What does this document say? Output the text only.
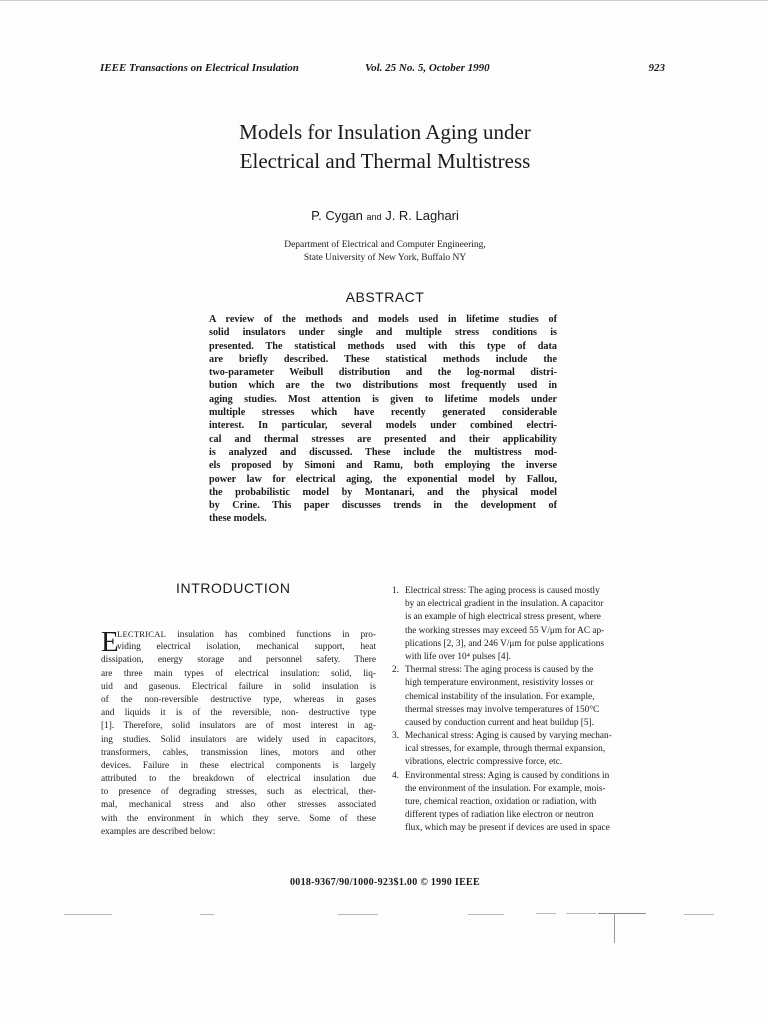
IEEE Transactions on Electrical Insulation	Vol. 25 No. 5, October 1990	923
Models for Insulation Aging under
Electrical and Thermal Multistress
P. Cygan and J. R. Laghari
Department of Electrical and Computer Engineering,
State University of New York, Buffalo NY
ABSTRACT
A review of the methods and models used in lifetime studies of
solid insulators under single and multiple stress conditions is
presented. The statistical methods used with this type of data
are briefly described. These statistical methods include the
two-parameter Weibull distribution and the log-normal distri-
bution which are the two distributions most frequently used in
aging studies. Most attention is given to lifetime models under
multiple stresses which have recently generated considerable
interest. In particular, several models under combined electri-
cal and thermal stresses are presented and their applicability
is analyzed and discussed. These include the multistress mod-
els proposed by Simoni and Ramu, both employing the inverse
power law for electrical aging, the exponential model by Fallou,
the probabilistic model by Montanari, and the physical model
by Crine. This paper discusses trends in the development of
these models.
INTRODUCTION
E
LECTRICAL insulation has combined functions in pro-
viding electrical isolation, mechanical support, heat
dissipation, energy storage and personnel safety. There
are three main types of electrical insulation: solid, liq-
uid and gaseous. Electrical failure in solid insulation is
of the non-reversible destructive type, whereas in gases
and liquids it is of the reversible, non- destructive type
[1]. Therefore, solid insulators are of most interest in ag-
ing studies. Solid insulators are widely used in capacitors,
transformers, cables, transmission lines, motors and other
devices. Failure in these electrical components is largely
attributed to the breakdown of electrical insulation due
to presence of degrading stresses, such as electrical, ther-
mal, mechanical stress and also other stresses associated
with the environment in which they serve. Some of these
examples are described below:
1. Electrical stress: The aging process is caused mostly
by an electrical gradient in the insulation. A capacitor
is an example of high electrical stress present, where
the working stresses may exceed 55 V/μm for AC ap-
plications [2, 3], and 246 V/μm for pulse applications
with life over 10⁴ pulses [4].
2. Thermal stress: The aging process is caused by the
high temperature environment, resistivity losses or
chemical instability of the insulation. For example,
thermal stresses may involve temperatures of 150°C
caused by conduction current and heat buildup [5].
3. Mechanical stress: Aging is caused by varying mechan-
ical stresses, for example, through thermal expansion,
vibrations, electric compressive force, etc.
4. Environmental stress: Aging is caused by conditions in
the environment of the insulation. For example, mois-
ture, chemical reaction, oxidation or radiation, with
different types of radiation like electron or neutron
flux, which may be present if devices are used in space
0018-9367/90/1000-923$1.00 © 1990 IEEE
